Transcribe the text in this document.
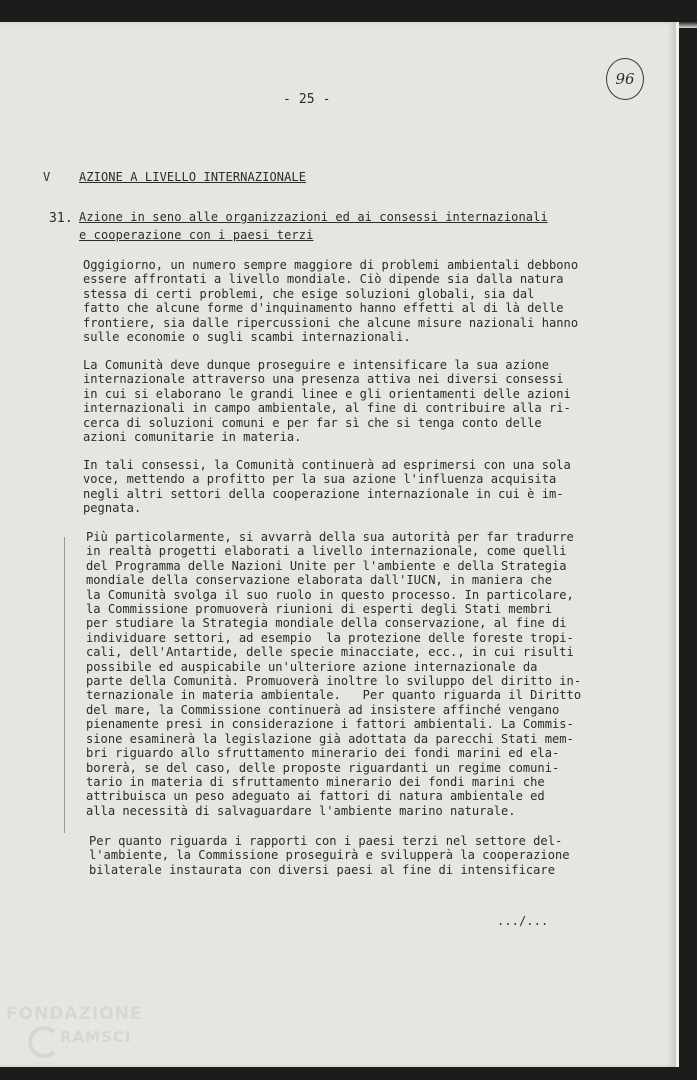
- 25 -
96
V AZIONE A LIVELLO INTERNAZIONALE
31. Azione in seno alle organizzazioni ed ai consessi internazionali
e cooperazione con i paesi terzi
Oggigiorno, un numero sempre maggiore di problemi ambientali debbono
essere affrontati a livello mondiale. Ciò dipende sia dalla natura
stessa di certi problemi, che esige soluzioni globali, sia dal
fatto che alcune forme d'inquinamento hanno effetti al di là delle
frontiere, sia dalle ripercussioni che alcune misure nazionali hanno
sulle economie o sugli scambi internazionali.
La Comunità deve dunque proseguire e intensificare la sua azione
internazionale attraverso una presenza attiva nei diversi consessi
in cui si elaborano le grandi linee e gli orientamenti delle azioni
internazionali in campo ambientale, al fine di contribuire alla ri-
cerca di soluzioni comuni e per far sì che si tenga conto delle
azioni comunitarie in materia.
In tali consessi, la Comunità continuerà ad esprimersi con una sola
voce, mettendo a profitto per la sua azione l'influenza acquisita
negli altri settori della cooperazione internazionale in cui è im-
pegnata.
Più particolarmente, si avvarrà della sua autorità per far tradurre
in realtà progetti elaborati a livello internazionale, come quelli
del Programma delle Nazioni Unite per l'ambiente e della Strategia
mondiale della conservazione elaborata dall'IUCN, in maniera che
la Comunità svolga il suo ruolo in questo processo. In particolare,
la Commissione promuoverà riunioni di esperti degli Stati membri
per studiare la Strategia mondiale della conservazione, al fine di
individuare settori, ad esempio  la protezione delle foreste tropi-
cali, dell'Antartide, delle specie minacciate, ecc., in cui risulti
possibile ed auspicabile un'ulteriore azione internazionale da
parte della Comunità. Promuoverà inoltre lo sviluppo del diritto in-
ternazionale in materia ambientale.   Per quanto riguarda il Diritto
del mare, la Commissione continuerà ad insistere affinché vengano
pienamente presi in considerazione i fattori ambientali. La Commis-
sione esaminerà la legislazione già adottata da parecchi Stati mem-
bri riguardo allo sfruttamento minerario dei fondi marini ed ela-
borerà, se del caso, delle proposte riguardanti un regime comuni-
tario in materia di sfruttamento minerario dei fondi marini che
attribuisca un peso adeguato ai fattori di natura ambientale ed
alla necessità di salvaguardare l'ambiente marino naturale.
Per quanto riguarda i rapporti con i paesi terzi nel settore del-
l'ambiente, la Commissione proseguirà e svilupperà la cooperazione
bilaterale instaurata con diversi paesi al fine di intensificare
.../...
FONDAZIONE
RAMSCI
